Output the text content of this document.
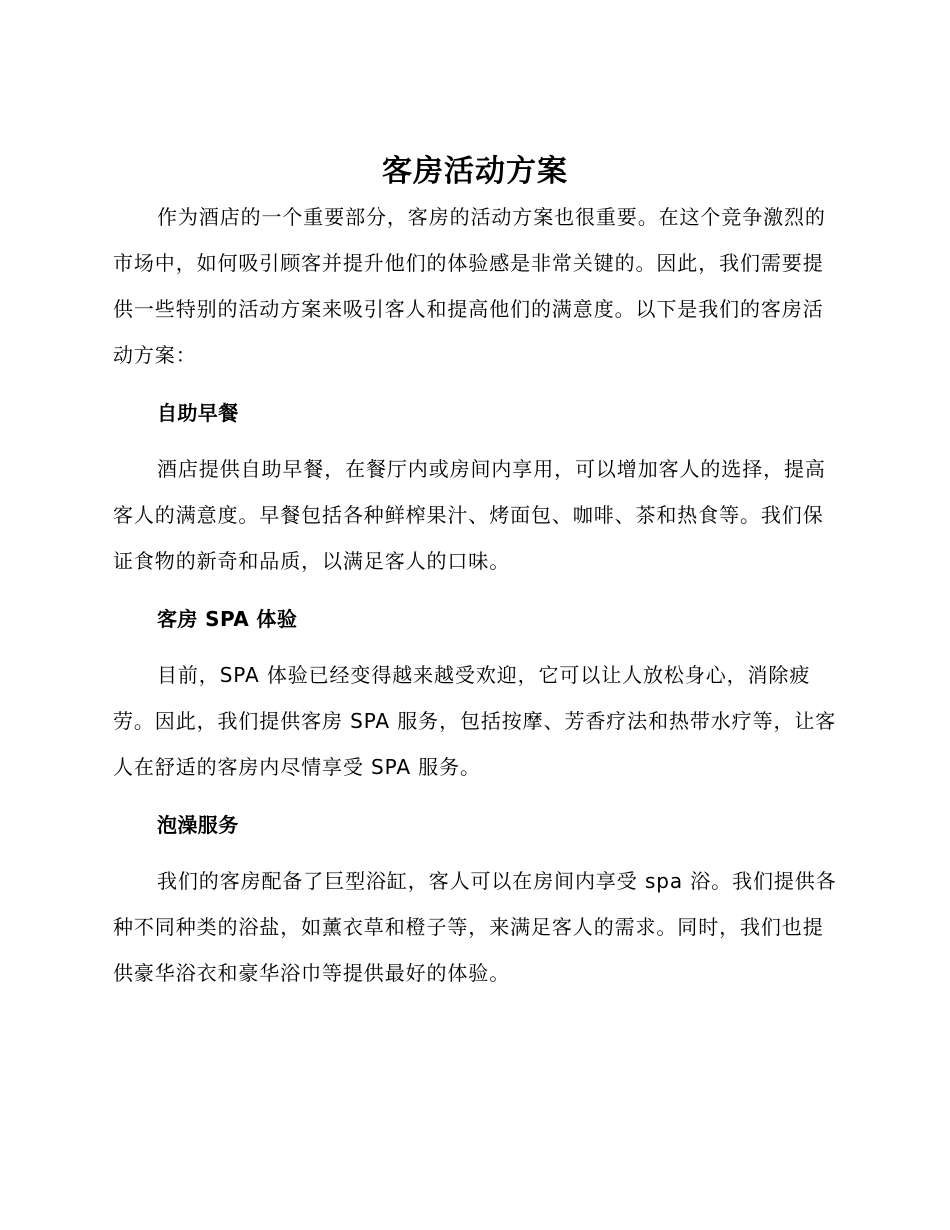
客房活动方案

作为酒店的一个重要部分，客房的活动方案也很重要。在这个竞争激烈的市场中，如何吸引顾客并提升他们的体验感是非常关键的。因此，我们需要提供一些特别的活动方案来吸引客人和提高他们的满意度。以下是我们的客房活动方案：

自助早餐

酒店提供自助早餐，在餐厅内或房间内享用，可以增加客人的选择，提高客人的满意度。早餐包括各种鲜榨果汁、烤面包、咖啡、茶和热食等。我们保证食物的新奇和品质，以满足客人的口味。

客房 SPA 体验

目前，SPA 体验已经变得越来越受欢迎，它可以让人放松身心，消除疲劳。因此，我们提供客房 SPA 服务，包括按摩、芳香疗法和热带水疗等，让客人在舒适的客房内尽情享受 SPA 服务。

泡澡服务

我们的客房配备了巨型浴缸，客人可以在房间内享受 spa 浴。我们提供各种不同种类的浴盐，如薰衣草和橙子等，来满足客人的需求。同时，我们也提供豪华浴衣和豪华浴巾等提供最好的体验。
